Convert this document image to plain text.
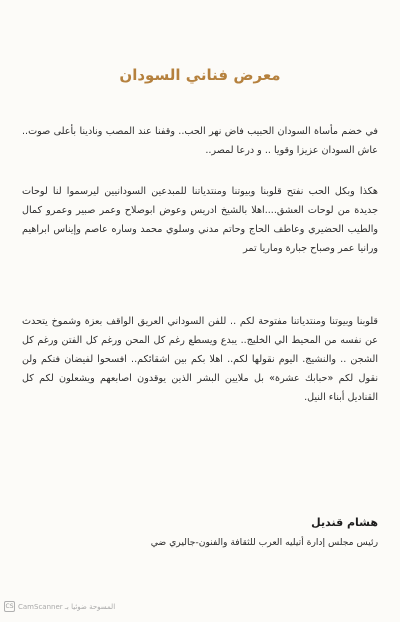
معرض فناني السودان

في خضم مأساة السودان الحبيب فاض نهر الحب.. وقفنا عند المصب ونادينا بأعلى صوت.. عاش السودان عزيزا وقويا .. و درعا لمصر..

هكذا وبكل الحب نفتح قلوبنا وبيوتنا ومنتدياتنا للمبدعين السودانيين ليرسموا لنا لوحات جديدة من لوحات العشق....اهلا بالشيخ ادريس وعوض ابوصلاح وعمر صبير وعمرو كمال والطيب الحضيري وعاطف الحاج وحاتم مدني وسلوي محمد وساره عاصم وإيناس ابراهيم ورانيا عمر وصباح جبارة وماريا تمر

قلوبنا وبيوتنا ومنتدياتنا مفتوحة لكم .. للفن السوداني العريق الواقف بعزة وشموخ يتحدث عن نفسه من المحيط الي الخليج.. يبدع ويسطع رغم كل المحن ورغم كل الفتن ورغم كل الشجن .. والنشيج. اليوم نقولها لكم.. اهلا بكم بين اشقائكم.. افسحوا لفيضان فنكم ولن نقول لكم «حبابك عشرة» بل ملايين البشر الذين يوقدون اصابعهم ويشعلون لكم كل القناديل أبناء النيل.

هشام قنديل

رئيس مجلس إدارة أتيليه العرب للثقافة والفنون-جاليري ضي

CS المسوحة ضوئيا بـ CamScanner
